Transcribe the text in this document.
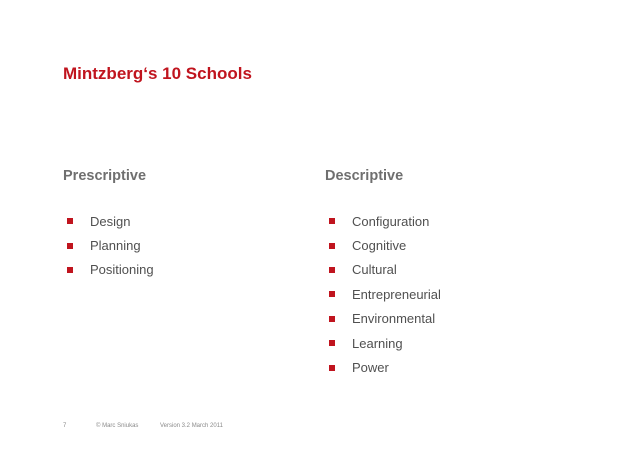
Mintzberg‘s 10 Schools
Prescriptive	Descriptive
Design
Planning
Positioning
Configuration
Cognitive
Cultural
Entrepreneurial
Environmental
Learning
Power
7	© Marc Sniukas	Version 3.2 March 2011
